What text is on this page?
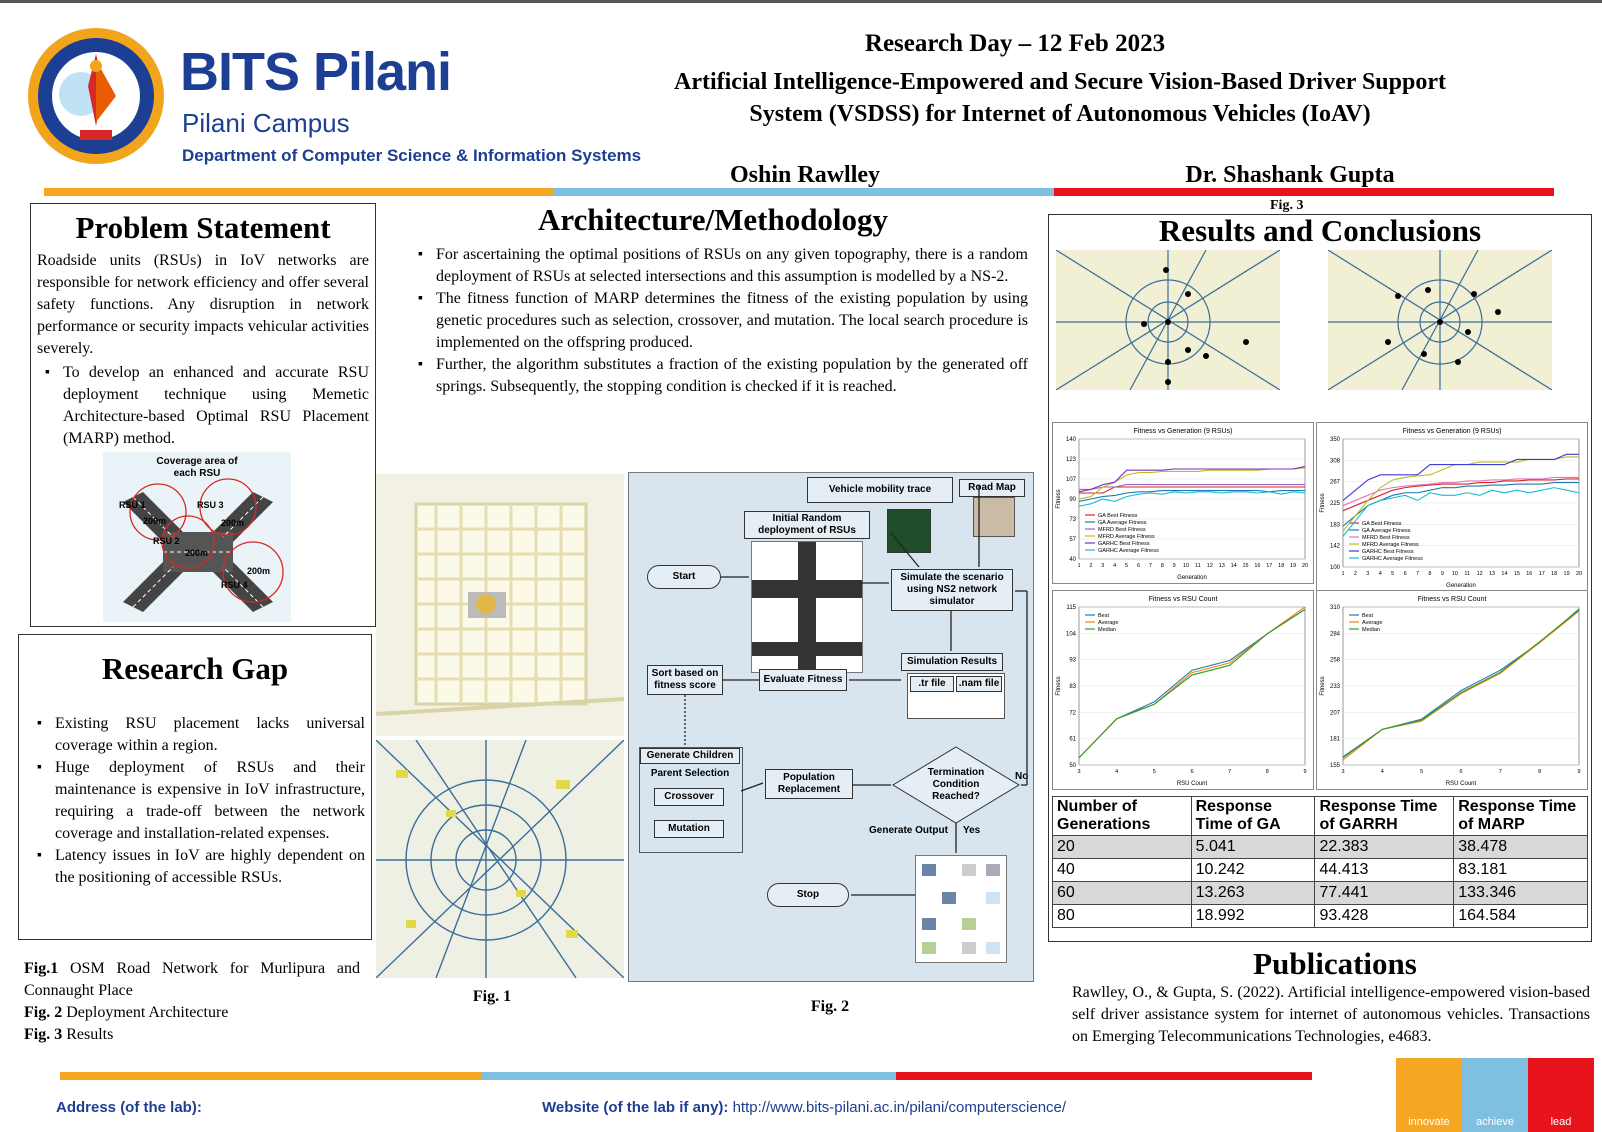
BITS Pilani
Pilani Campus
Department of Computer Science & Information Systems
Research Day – 12 Feb 2023
Artificial Intelligence-Empowered and Secure Vision-Based Driver Support
System (VSDSS) for Internet of Autonomous Vehicles (IoAV)
Oshin Rawlley	Dr. Shashank Gupta
Problem Statement
Roadside units (RSUs) in IoV networks are responsible for network efficiency and offer several safety functions. Any disruption in network performance or security impacts vehicular activities severely.
▪ To develop an enhanced and accurate RSU deployment technique using Memetic Architecture-based Optimal RSU Placement (MARP) method.
Coverage area of
each RSU
RSU 1	RSU 3
RSU 2
RSU 4
200m	200m
200m
200m
Research Gap
▪ Existing RSU placement lacks universal coverage within a region.
▪ Huge deployment of RSUs and their maintenance is expensive in IoV infrastructure, requiring a trade-off between the network coverage and installation-related expenses.
▪ Latency issues in IoV are highly dependent on the positioning of accessible RSUs.
Fig.1 OSM Road Network for Murlipura and Connaught Place
Fig. 2 Deployment Architecture
Fig. 3 Results
Architecture/Methodology
▪ For ascertaining the optimal positions of RSUs on any given topography, there is a random deployment of RSUs at selected intersections and this assumption is modelled by a NS-2.
▪ The fitness function of MARP determines the fitness of the existing population by using genetic procedures such as selection, crossover, and mutation. The local search procedure is implemented on the offspring produced.
▪ Further, the algorithm substitutes a fraction of the existing population by the generated off springs. Subsequently, the stopping condition is checked if it is reached.
Fig. 1
Vehicle mobility trace	Road Map
Initial Random deployment of RSUs
Start	Simulate the scenario using NS2 network simulator
Simulation Results
.tr file	.nam file
Evaluate Fitness
Sort based on fitness score
Generate Children
Parent Selection
Crossover
Mutation
Population Replacement
Termination Condition Reached?
No
Generate Output Yes
Stop
Fig. 2
Fig. 3
Results and Conclusions
Fitness vs Generation (9 RSUs)
40
57
73
90
107
123
140
1 2 3 4 5 6 7 8 9 10 11 12 13 14 15 16 17 18 19 20
Generation
Fitness
GA Best Fitness
GA Average Fitness
MFRD Best Fitness
MFRD Average Fitness
GARHC Best Fitness
GARHC Average Fitness
Fitness vs Generation (9 RSUs)
100
142
183
225
267
308
350
1 2 3 4 5 6 7 8 9 10 11 12 13 14 15 16 17 18 19 20
Generation
Fitness
GA Best Fitness
GA Average Fitness
MFRD Best Fitness
MFRD Average Fitness
GARHC Best Fitness
GARHC Average Fitness
Fitness vs RSU Count
50
61
72
83
93
104
115
3	4	5	6	7	8	9
RSU Count
Fitness
Best
Average
Median
Fitness vs RSU Count
155
181
207
233
258
284
310
3	4	5	6	7	8	9
RSU Count
Fitness
Best
Average
Median
Number of Generations	Response Time of GA	Response Time of GARRH	Response Time of MARP
20	5.041	22.383	38.478
40	10.242	44.413	83.181
60	13.263	77.441	133.346
80	18.992	93.428	164.584
Publications
Rawlley, O., & Gupta, S. (2022). Artificial intelligence-empowered vision-based self driver assistance system for internet of autonomous vehicles. Transactions on Emerging Telecommunications Technologies, e4683.
Address (of the lab):	Website (of the lab if any): http://www.bits-pilani.ac.in/pilani/computerscience/
innovate	achieve	lead
